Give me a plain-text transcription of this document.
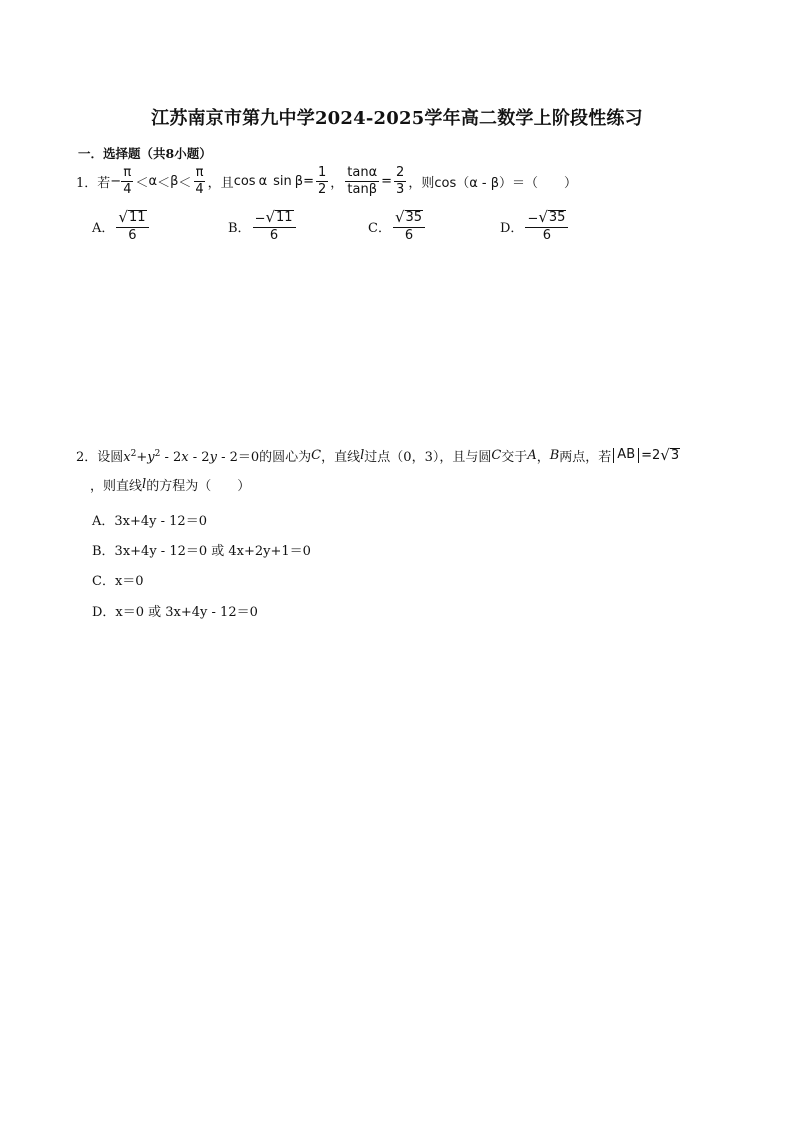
江苏南京市第九中学2024-2025学年高二数学上阶段性练习
一．选择题（共8小题）
1．若 − $\frac{\pi}{4} < \alpha < \beta < \frac{\pi}{4}$ ，且 cos α $\sin \beta = \frac{1}{2}$ ， $\frac{\tan\alpha}{\tan\beta} = \frac{2}{3}$ ，则 cos（α - β）＝（　　）
A． $\frac{√ 11}{6}$	B． $\frac{- √ 11}{6}$	C． $\frac{√ 35}{6}$	D． $\frac{- √ 35}{6}$
2．设圆 $x^2+y^2 - 2x - 2y - 2=0$ 的圆心为 C ，直线 l 过点（0，3），且与圆 C 交于 A ， B 两点，若 AB =2 √ 3
，则直线 l 的方程为（　　）
A．3x+4y - 12＝0
B．3x+4y - 12＝0 或 4x+2y+1＝0
C．x＝0
D．x＝0 或 3x+4y - 12＝0
